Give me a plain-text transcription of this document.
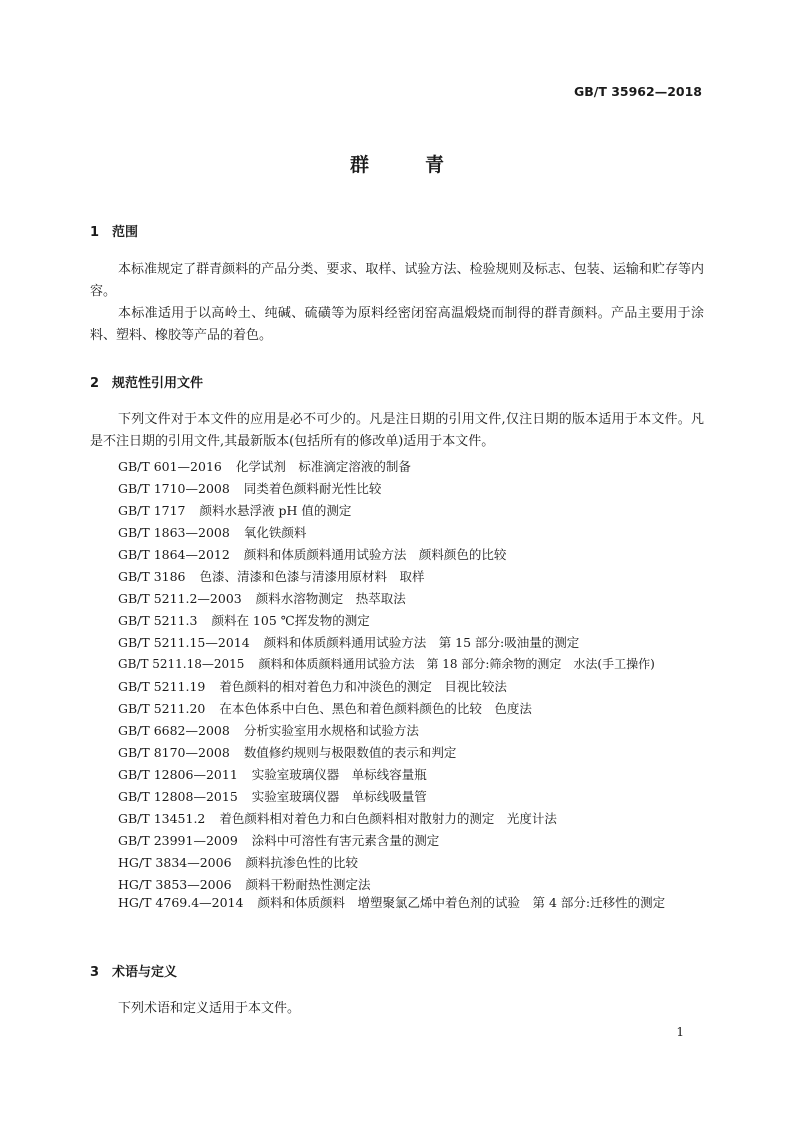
GB/T 35962—2018
群青
1 范围
本标准规定了群青颜料的产品分类、要求、取样、试验方法、检验规则及标志、包装、运输和贮存等内容。
本标准适用于以高岭土、纯碱、硫磺等为原料经密闭窑高温煅烧而制得的群青颜料。产品主要用于涂料、塑料、橡胶等产品的着色。
2 规范性引用文件
下列文件对于本文件的应用是必不可少的。凡是注日期的引用文件,仅注日期的版本适用于本文件。凡是不注日期的引用文件,其最新版本(包括所有的修改单)适用于本文件。
GB/T 601—2016 化学试剂　标准滴定溶液的制备
GB/T 1710—2008 同类着色颜料耐光性比较
GB/T 1717 颜料水悬浮液 pH 值的测定
GB/T 1863—2008 氧化铁颜料
GB/T 1864—2012 颜料和体质颜料通用试验方法　颜料颜色的比较
GB/T 3186 色漆、清漆和色漆与清漆用原材料　取样
GB/T 5211.2—2003 颜料水溶物测定　热萃取法
GB/T 5211.3 颜料在 105 ℃挥发物的测定
GB/T 5211.15—2014 颜料和体质颜料通用试验方法　第 15 部分:吸油量的测定
GB/T 5211.18—2015 颜料和体质颜料通用试验方法　第 18 部分:筛余物的测定　水法(手工操作)
GB/T 5211.19 着色颜料的相对着色力和冲淡色的测定　目视比较法
GB/T 5211.20 在本色体系中白色、黑色和着色颜料颜色的比较　色度法
GB/T 6682—2008 分析实验室用水规格和试验方法
GB/T 8170—2008 数值修约规则与极限数值的表示和判定
GB/T 12806—2011 实验室玻璃仪器　单标线容量瓶
GB/T 12808—2015 实验室玻璃仪器　单标线吸量管
GB/T 13451.2 着色颜料相对着色力和白色颜料相对散射力的测定　光度计法
GB/T 23991—2009 涂料中可溶性有害元素含量的测定
HG/T 3834—2006 颜料抗渗色性的比较
HG/T 3853—2006 颜料干粉耐热性测定法
HG/T 4769.4—2014 颜料和体质颜料　增塑聚氯乙烯中着色剂的试验　第 4 部分:迁移性的测定
3 术语与定义
下列术语和定义适用于本文件。
1
